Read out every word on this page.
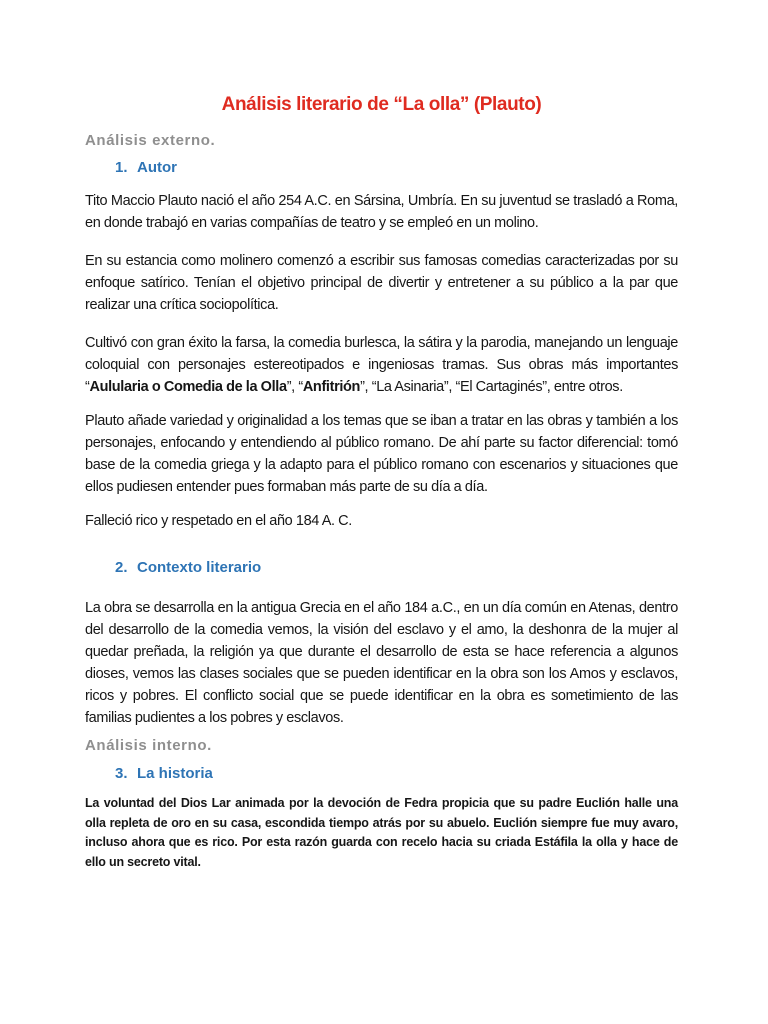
Análisis literario de “La olla” (Plauto)
Análisis externo.
1. Autor

Tito Maccio Plauto nació el año 254 A.C. en Sársina, Umbría. En su juventud se trasladó a Roma, en donde trabajó en varias compañías de teatro y se empleó en un molino.

En su estancia como molinero comenzó a escribir sus famosas comedias caracterizadas por su enfoque satírico. Tenían el objetivo principal de divertir y entretener a su público a la par que realizar una crítica sociopolítica.

Cultivó con gran éxito la farsa, la comedia burlesca, la sátira y la parodia, manejando un lenguaje coloquial con personajes estereotipados e ingeniosas tramas. Sus obras más importantes “Aulularia o Comedia de la Olla”, “Anfitrión”, “La Asinaria”, “El Cartaginés”, entre otros.

Plauto añade variedad y originalidad a los temas que se iban a tratar en las obras y también a los personajes, enfocando y entendiendo al público romano. De ahí parte su factor diferencial: tomó base de la comedia griega y la adapto para el público romano con escenarios y situaciones que ellos pudiesen entender pues formaban más parte de su día a día.

Falleció rico y respetado en el año 184 A. C.

2. Contexto literario

La obra se desarrolla en la antigua Grecia en el año 184 a.C., en un día común en Atenas, dentro del desarrollo de la comedia vemos, la visión del esclavo y el amo, la deshonra de la mujer al quedar preñada, la religión ya que durante el desarrollo de esta se hace referencia a algunos dioses, vemos las clases sociales que se pueden identificar en la obra son los Amos y esclavos, ricos y pobres. El conflicto social que se puede identificar en la obra es sometimiento de las familias pudientes a los pobres y esclavos.

Análisis interno.
3. La historia

La voluntad del Dios Lar animada por la devoción de Fedra propicia que su padre Euclión halle una olla repleta de oro en su casa, escondida tiempo atrás por su abuelo. Euclión siempre fue muy avaro, incluso ahora que es rico. Por esta razón guarda con recelo hacia su criada Estáfila la olla y hace de ello un secreto vital.
